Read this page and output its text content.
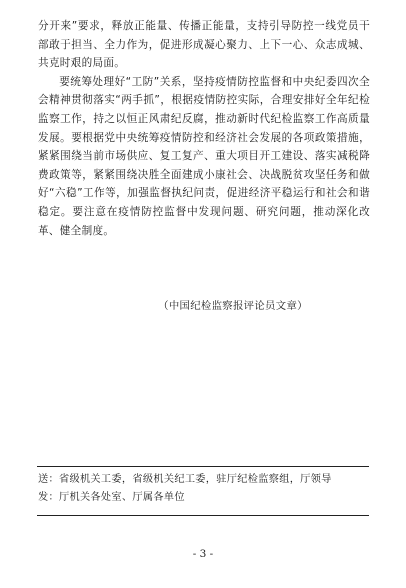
分开来”要求，释放正能量、传播正能量，支持引导防控一线党员干部敢于担当、全力作为，促进形成凝心聚力、上下一心、众志成城、共克时艰的局面。

要统筹处理好“工防”关系，坚持疫情防控监督和中央纪委四次全会精神贯彻落实“两手抓”，根据疫情防控实际，合理安排好全年纪检监察工作，持之以恒正风肃纪反腐，推动新时代纪检监察工作高质量发展。要根据党中央统筹疫情防控和经济社会发展的各项政策措施，紧紧围绕当前市场供应、复工复产、重大项目开工建设、落实减税降费政策等，紧紧围绕决胜全面建成小康社会、决战脱贫攻坚任务和做好“六稳”工作等，加强监督执纪问责，促进经济平稳运行和社会和谐稳定。要注意在疫情防控监督中发现问题、研究问题，推动深化改革、健全制度。

（中国纪检监察报评论员文章）
送：省级机关工委，省级机关纪工委，驻厅纪检监察组，厅领导
发：厅机关各处室、厅属各单位
- 3 -
